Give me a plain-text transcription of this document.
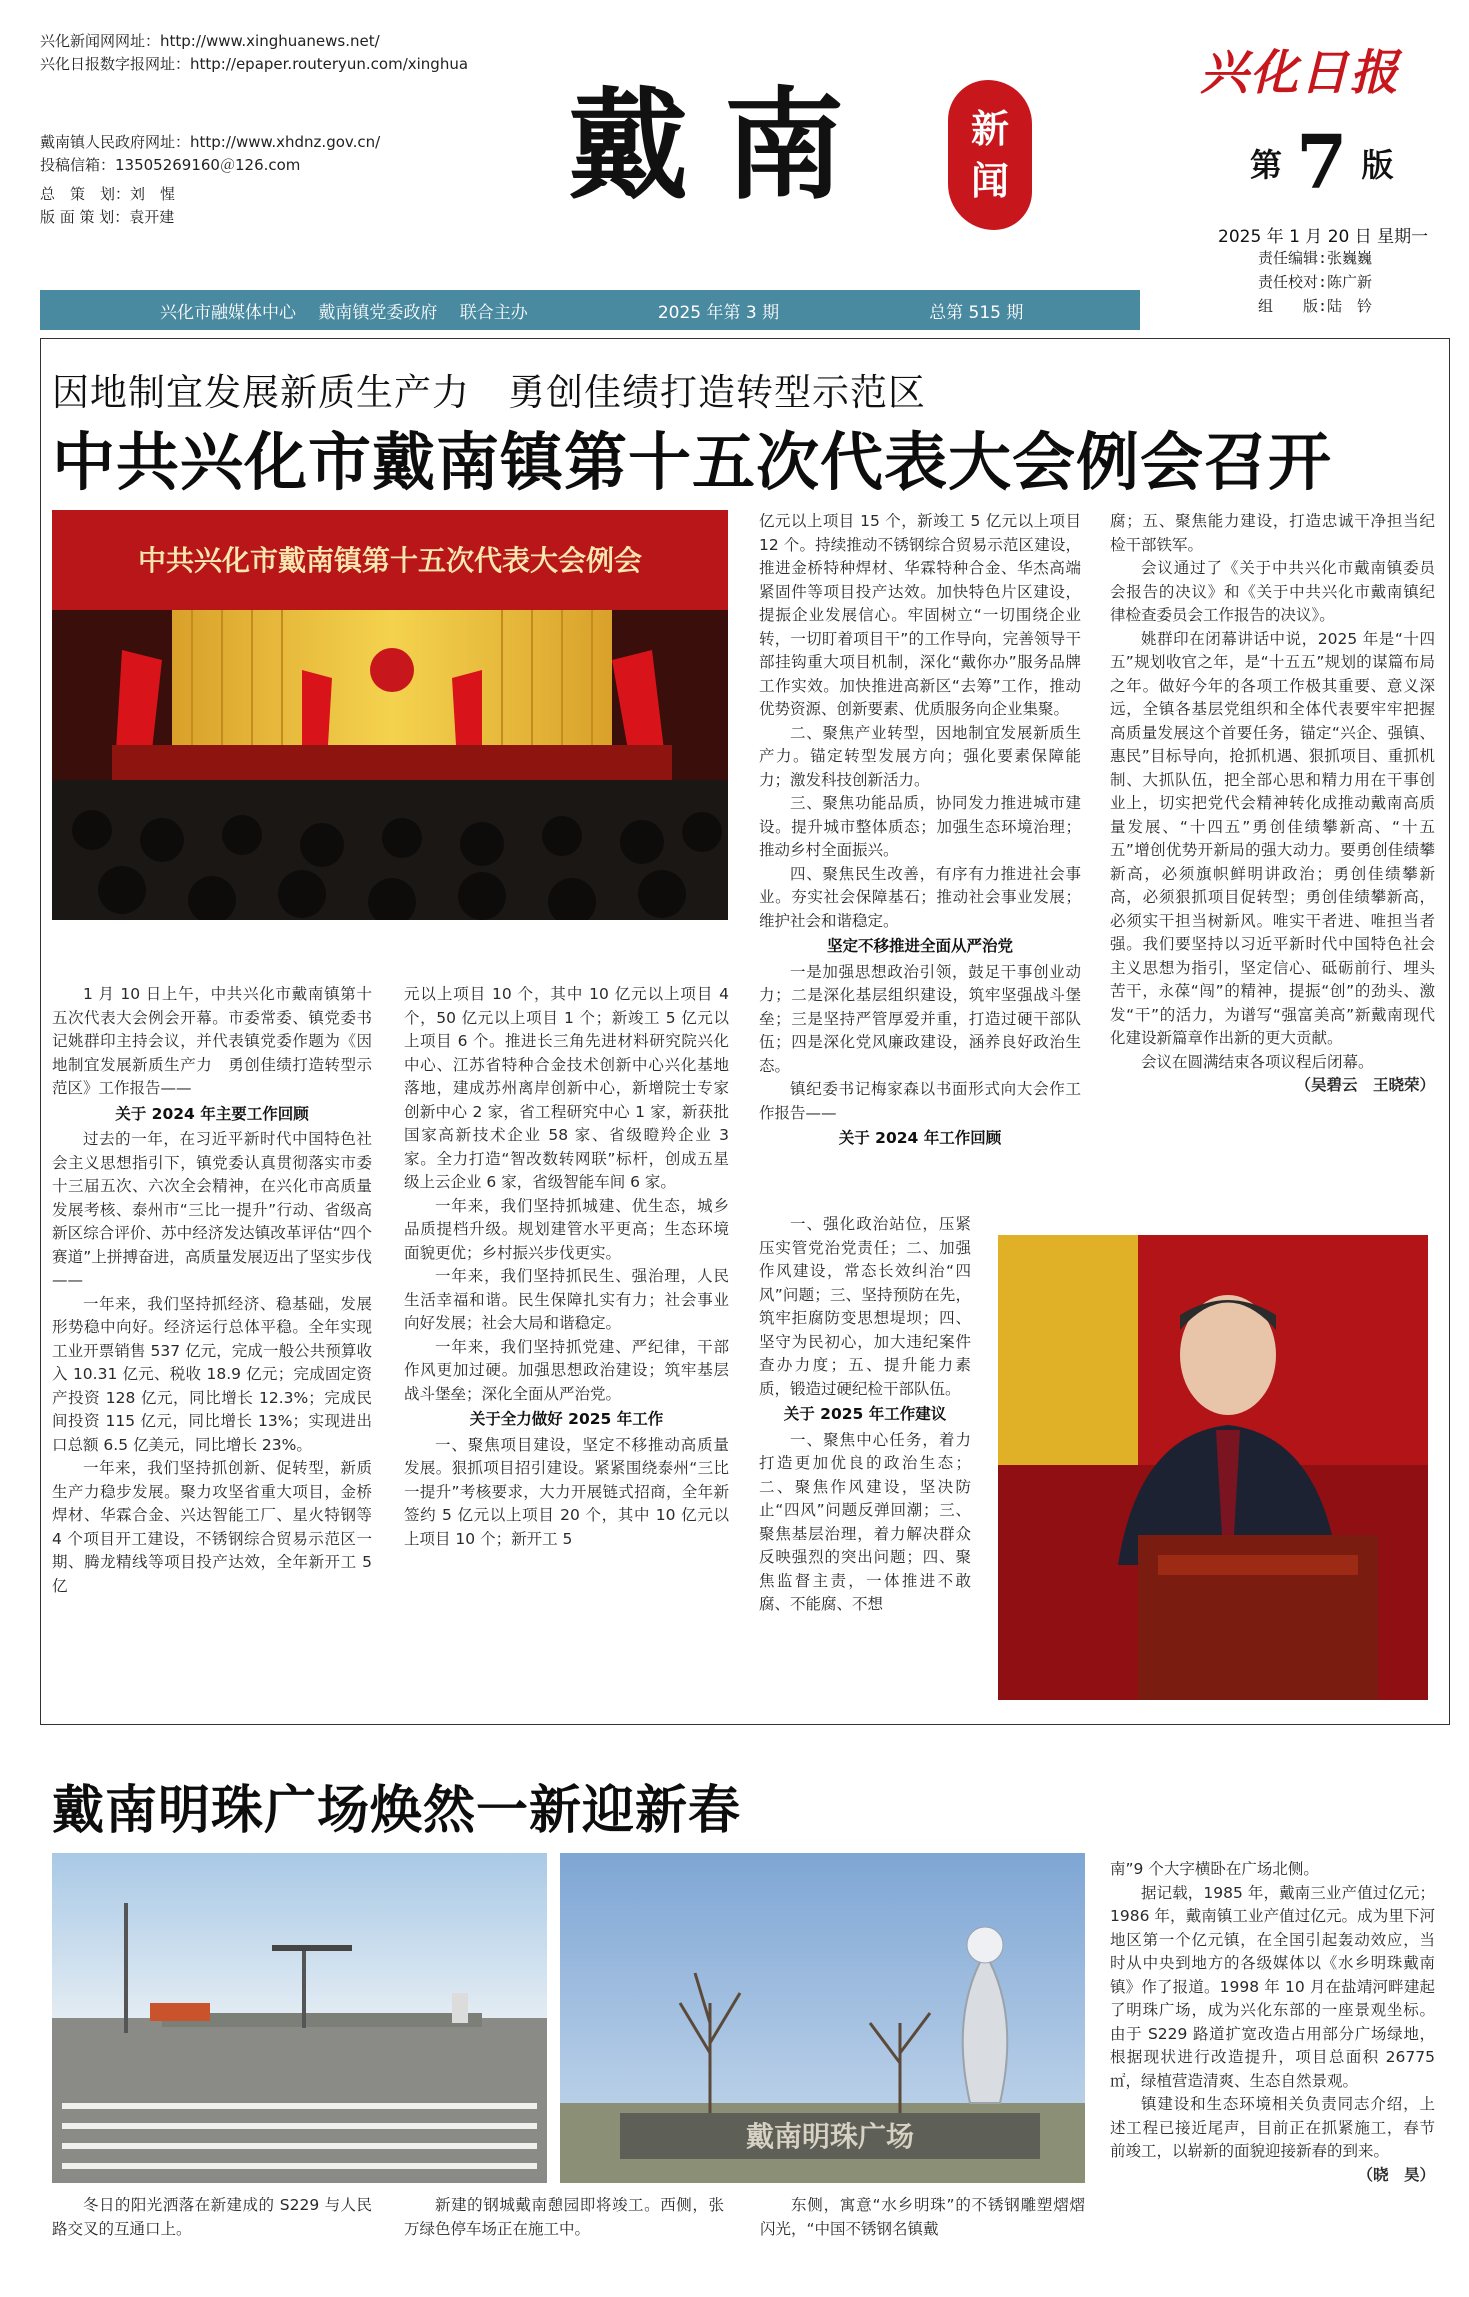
兴化新闻网网址：http://www.xinghuanews.net/
兴化日报数字报网址：http://epaper.routeryun.com/xinghua
戴南镇人民政府网址：http://www.xhdnz.gov.cn/
投稿信箱：13505269160＠126.com
总　策　划：刘　惺
版 面 策 划：袁开建
戴南 新
闻
兴化日报
第 7 版
2025 年 1 月 20 日 星期一
责任编辑:张巍巍
责任校对:陈广新
组　　版:陆　钤
兴化市融媒体中心　 戴南镇党委政府　 联合主办	2025 年第 3 期	总第 515 期
因地制宜发展新质生产力　勇创佳绩打造转型示范区
中共兴化市戴南镇第十五次代表大会例会召开
中共兴化市戴南镇第十五次代表大会例会

1 月 10 日上午，中共兴化市戴南镇第十五次代表大会例会开幕。市委常委、镇党委书记姚群印主持会议，并代表镇党委作题为《因地制宜发展新质生产力　勇创佳绩打造转型示范区》工作报告——

关于 2024 年主要工作回顾

过去的一年，在习近平新时代中国特色社会主义思想指引下，镇党委认真贯彻落实市委十三届五次、六次全会精神，在兴化市高质量发展考核、泰州市“三比一提升”行动、省级高新区综合评价、苏中经济发达镇改革评估“四个赛道”上拼搏奋进，高质量发展迈出了坚实步伐——

一年来，我们坚持抓经济、稳基础，发展形势稳中向好。经济运行总体平稳。全年实现工业开票销售 537 亿元，完成一般公共预算收入 10.31 亿元、税收 18.9 亿元；完成固定资产投资 128 亿元，同比增长 12.3%；完成民间投资 115 亿元，同比增长 13%；实现进出口总额 6.5 亿美元，同比增长 23%。

一年来，我们坚持抓创新、促转型，新质生产力稳步发展。聚力攻坚省重大项目，金桥焊材、华霖合金、兴达智能工厂、星火特钢等 4 个项目开工建设，不锈钢综合贸易示范区一期、腾龙精线等项目投产达效，全年新开工 5 亿

元以上项目 10 个，其中 10 亿元以上项目 4 个，50 亿元以上项目 1 个；新竣工 5 亿元以上项目 6 个。推进长三角先进材料研究院兴化中心、江苏省特种合金技术创新中心兴化基地落地，建成苏州离岸创新中心，新增院士专家创新中心 2 家，省工程研究中心 1 家，新获批国家高新技术企业 58 家、省级瞪羚企业 3 家。全力打造“智改数转网联”标杆，创成五星级上云企业 6 家，省级智能车间 6 家。

一年来，我们坚持抓城建、优生态，城乡品质提档升级。规划建管水平更高；生态环境面貌更优；乡村振兴步伐更实。

一年来，我们坚持抓民生、强治理，人民生活幸福和谐。民生保障扎实有力；社会事业向好发展；社会大局和谐稳定。

一年来，我们坚持抓党建、严纪律，干部作风更加过硬。加强思想政治建设；筑牢基层战斗堡垒；深化全面从严治党。

关于全力做好 2025 年工作

一、聚焦项目建设，坚定不移推动高质量发展。狠抓项目招引建设。紧紧围绕泰州“三比一提升”考核要求，大力开展链式招商，全年新签约 5 亿元以上项目 20 个，其中 10 亿元以上项目 10 个；新开工 5

亿元以上项目 15 个，新竣工 5 亿元以上项目 12 个。持续推动不锈钢综合贸易示范区建设，推进金桥特种焊材、华霖特种合金、华杰高端紧固件等项目投产达效。加快特色片区建设，提振企业发展信心。牢固树立“一切围绕企业转，一切盯着项目干”的工作导向，完善领导干部挂钩重大项目机制，深化“戴你办”服务品牌工作实效。加快推进高新区“去筹”工作，推动优势资源、创新要素、优质服务向企业集聚。

二、聚焦产业转型，因地制宜发展新质生产力。锚定转型发展方向；强化要素保障能力；激发科技创新活力。

三、聚焦功能品质，协同发力推进城市建设。提升城市整体质态；加强生态环境治理；推动乡村全面振兴。

四、聚焦民生改善，有序有力推进社会事业。夯实社会保障基石；推动社会事业发展；维护社会和谐稳定。

坚定不移推进全面从严治党

一是加强思想政治引领，鼓足干事创业动力；二是深化基层组织建设，筑牢坚强战斗堡垒；三是坚持严管厚爱并重，打造过硬干部队伍；四是深化党风廉政建设，涵养良好政治生态。

镇纪委书记梅家森以书面形式向大会作工作报告——

关于 2024 年工作回顾

一、强化政治站位，压紧压实管党治党责任；二、加强作风建设，常态长效纠治“四风”问题；三、坚持预防在先，筑牢拒腐防变思想堤坝；四、坚守为民初心，加大违纪案件查办力度；五、提升能力素质，锻造过硬纪检干部队伍。

关于 2025 年工作建议

一、聚焦中心任务，着力打造更加优良的政治生态；二、聚焦作风建设，坚决防止“四风”问题反弹回潮；三、聚焦基层治理，着力解决群众反映强烈的突出问题；四、聚焦监督主责，一体推进不敢腐、不能腐、不想

腐；五、聚焦能力建设，打造忠诚干净担当纪检干部铁军。

会议通过了《关于中共兴化市戴南镇委员会报告的决议》和《关于中共兴化市戴南镇纪律检查委员会工作报告的决议》。

姚群印在闭幕讲话中说，2025 年是“十四五”规划收官之年，是“十五五”规划的谋篇布局之年。做好今年的各项工作极其重要、意义深远，全镇各基层党组织和全体代表要牢牢把握高质量发展这个首要任务，锚定“兴企、强镇、惠民”目标导向，抢抓机遇、狠抓项目、重抓机制、大抓队伍，把全部心思和精力用在干事创业上，切实把党代会精神转化成推动戴南高质量发展、“十四五”勇创佳绩攀新高、“十五五”增创优势开新局的强大动力。要勇创佳绩攀新高，必须旗帜鲜明讲政治；勇创佳绩攀新高，必须狠抓项目促转型；勇创佳绩攀新高，必须实干担当树新风。唯实干者进、唯担当者强。我们要坚持以习近平新时代中国特色社会主义思想为指引，坚定信心、砥砺前行、埋头苦干，永葆“闯”的精神，提振“创”的劲头、激发“干”的活力，为谱写“强富美高”新戴南现代化建设新篇章作出新的更大贡献。

会议在圆满结束各项议程后闭幕。

（吴碧云　王晓荣）

戴南明珠广场焕然一新迎新春
戴南明珠广场

冬日的阳光洒落在新建成的 S229 与人民路交叉的互通口上。

新建的钢城戴南憩园即将竣工。西侧，张万绿色停车场正在施工中。

东侧，寓意“水乡明珠”的不锈钢雕塑熠熠闪光，“中国不锈钢名镇戴

南”9 个大字横卧在广场北侧。

据记载，1985 年，戴南三业产值过亿元；1986 年，戴南镇工业产值过亿元。成为里下河地区第一个亿元镇，在全国引起轰动效应，当时从中央到地方的各级媒体以《水乡明珠戴南镇》作了报道。1998 年 10 月在盐靖河畔建起了明珠广场，成为兴化东部的一座景观坐标。由于 S229 路道扩宽改造占用部分广场绿地，根据现状进行改造提升，项目总面积 26775 ㎡，绿植营造清爽、生态自然景观。

镇建设和生态环境相关负责同志介绍，上述工程已接近尾声，目前正在抓紧施工，春节前竣工，以崭新的面貌迎接新春的到来。

（晓　昊）
